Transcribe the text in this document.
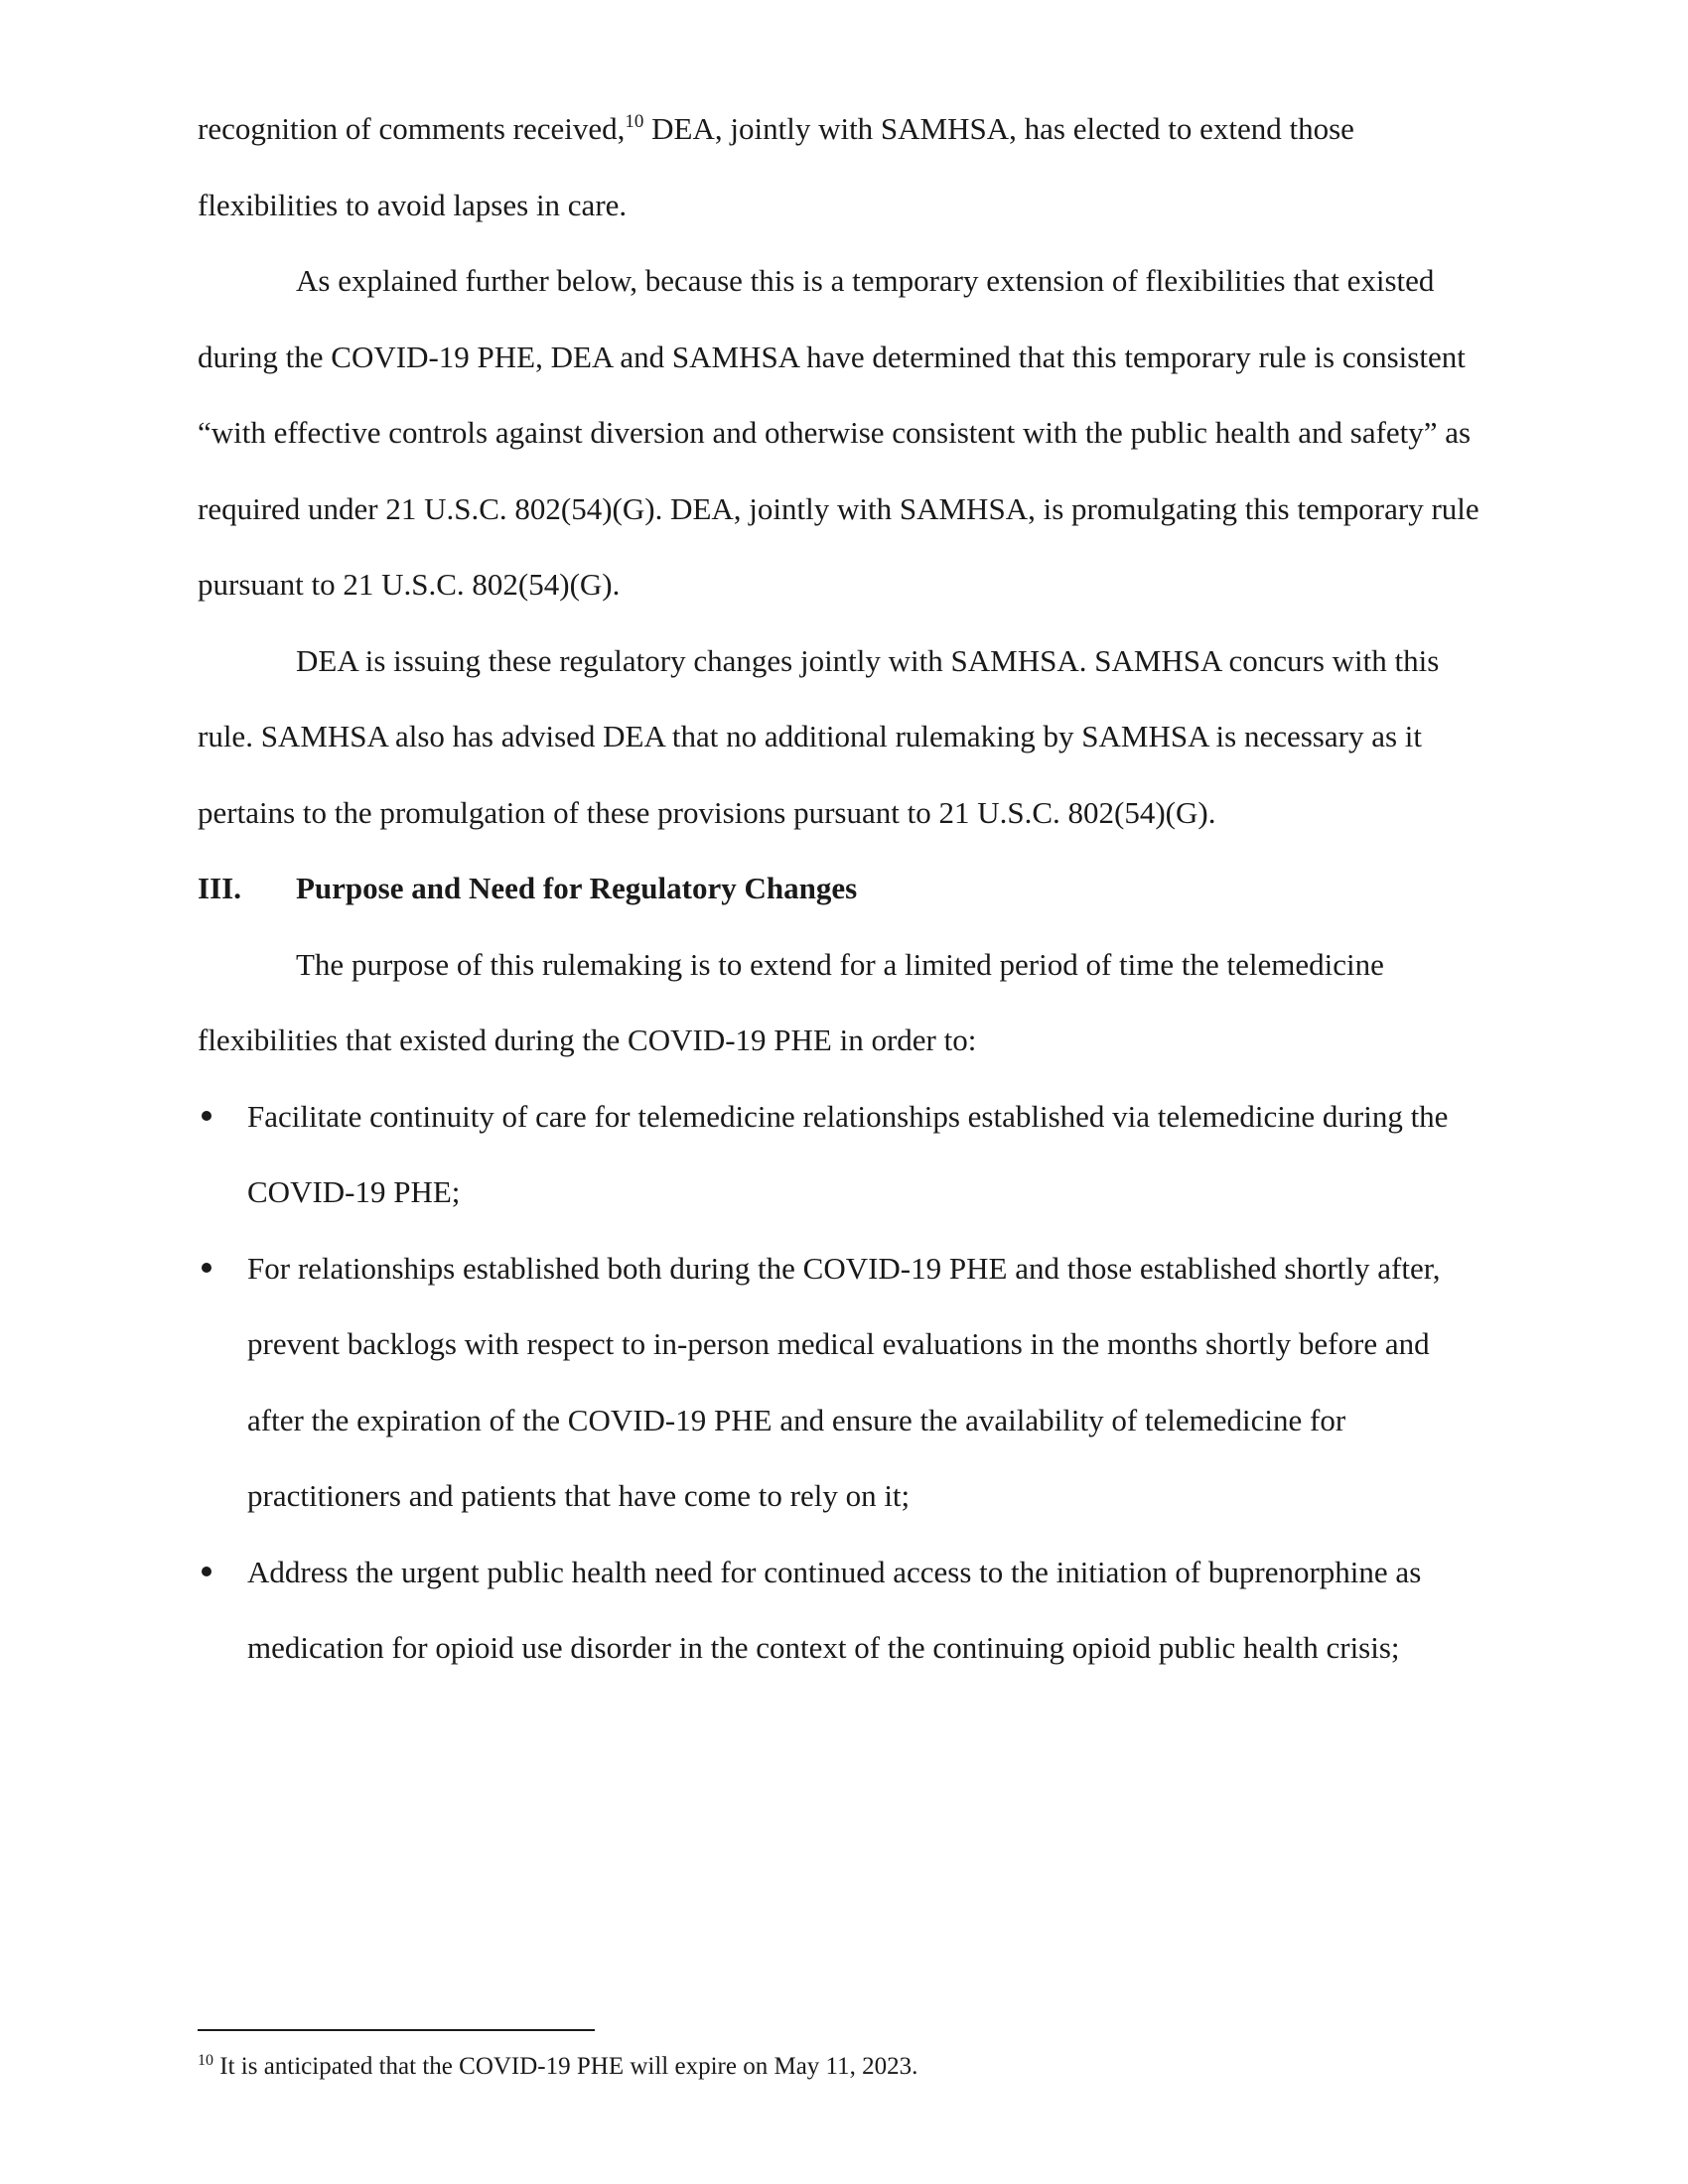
recognition of comments received,$^{10}$ DEA, jointly with SAMHSA, has elected to extend those flexibilities to avoid lapses in care.

As explained further below, because this is a temporary extension of flexibilities that existed during the COVID-19 PHE, DEA and SAMHSA have determined that this temporary rule is consistent “with effective controls against diversion and otherwise consistent with the public health and safety” as required under 21 U.S.C. 802(54)(G). DEA, jointly with SAMHSA, is promulgating this temporary rule pursuant to 21 U.S.C. 802(54)(G).

DEA is issuing these regulatory changes jointly with SAMHSA. SAMHSA concurs with this rule. SAMHSA also has advised DEA that no additional rulemaking by SAMHSA is necessary as it pertains to the promulgation of these provisions pursuant to 21 U.S.C. 802(54)(G).

III.	Purpose and Need for Regulatory Changes

The purpose of this rulemaking is to extend for a limited period of time the telemedicine flexibilities that existed during the COVID-19 PHE in order to:

Facilitate continuity of care for telemedicine relationships established via telemedicine during the COVID-19 PHE;
For relationships established both during the COVID-19 PHE and those established shortly after, prevent backlogs with respect to in-person medical evaluations in the months shortly before and after the expiration of the COVID-19 PHE and ensure the availability of telemedicine for practitioners and patients that have come to rely on it;
Address the urgent public health need for continued access to the initiation of buprenorphine as medication for opioid use disorder in the context of the continuing opioid public health crisis;
$^{10}$ It is anticipated that the COVID-19 PHE will expire on May 11, 2023.
